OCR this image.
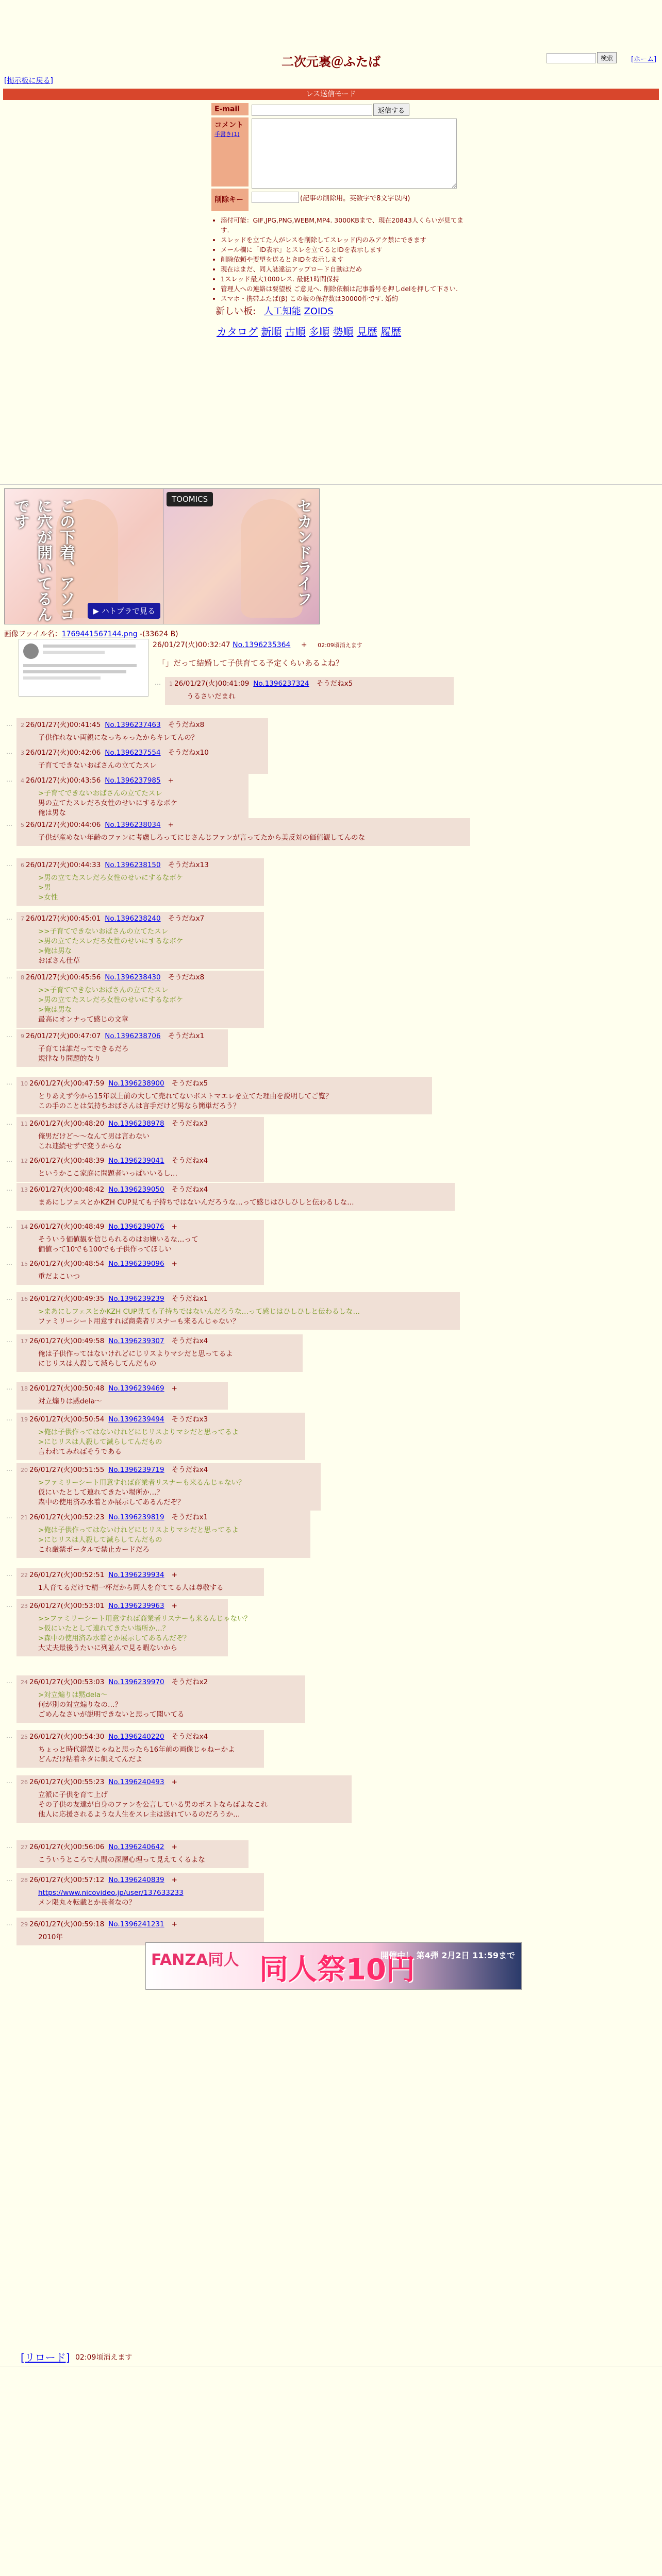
二次元裏＠ふたば	検索	[ホーム]
[掲示板に戻る]
レス送信モード
E-mail	返信する
コメント
手書き(1)
削除キー	(記事の削除用。英数字で8文字以内)
• 添付可能：GIF,JPG,PNG,WEBM,MP4. 3000KBまで、現在20843人くらいが見てます.
• スレッドを立てた人がレスを削除してスレッド内のみアク禁にできます
• メール欄に「ID表示」とスレを立てるとIDを表示します
• 削除依頼や要望を送るときIDを表示します
• 現在はまだ、同人誌違法アップロード自動はだめ
• 1スレッド最大1000レス. 最低1時間保持
• 管理人への連絡は要望板 ご意見へ. 削除依頼は記事番号を押しdelを押して下さい.
• スマホ・携帯ふたば(β) この板の保存数は30000件です. 婚約
新しい板: 人工知能 ZOIDS
カタログ 新順 古順 多順 勢順 見歴 履歴
この下着、アソコに穴が開いてるんです
▶ ハトブラで見る
セカンドライフ
TOOMICS
画像ファイル名：1769441567144.png -(33624 B)
26/01/27(火)00:32:47 No.1396235364 + 02:09頃消えます
「」だって結婚して子供育てる予定くらいあるよね？
1 26/01/27(火)00:41:09 No.1396237324 そうだねx5
うるさいだまれ
…
2 26/01/27(火)00:41:45 No.1396237463 そうだねx8
子供作れない両親になっちゃったからキレてんの？
…
3 26/01/27(火)00:42:06 No.1396237554 そうだねx10
子育てできないおばさんの立てたスレ
…
4 26/01/27(火)00:43:56 No.1396237985 +
>子育てできないおばさんの立てたスレ
男の立てたスレだろ女性のせいにするなボケ
俺は男な
…
5 26/01/27(火)00:44:06 No.1396238034 +
子供が産めない年齢のファンに考慮しろってにじさんじファンが言ってたから美反対の価値観してんのな
…
6 26/01/27(火)00:44:33 No.1396238150 そうだねx13
>男の立てたスレだろ女性のせいにするなボケ
>男
>女性
…
7 26/01/27(火)00:45:01 No.1396238240 そうだねx7
>>子育てできないおばさんの立てたスレ
>男の立てたスレだろ女性のせいにするなボケ
>俺は男な
おばさん仕草
…
8 26/01/27(火)00:45:56 No.1396238430 そうだねx8
>>子育てできないおばさんの立てたスレ
>男の立てたスレだろ女性のせいにするなボケ
>俺は男な
最高にオンナって感じの文章
…
9 26/01/27(火)00:47:07 No.1396238706 そうだねx1
子育ては誰だってできるだろ
規律なり問題的なり
…
10 26/01/27(火)00:47:59 No.1396238900 そうだねx5
とりあえず今から15年以上前の大して売れてないボストマエレを立てた理由を説明してご覧？
この手のことは気持ちおばさんは言手だけど男なら簡単だろう？
…
11 26/01/27(火)00:48:20 No.1396238978 そうだねx3
俺男だけど～～なんて男は言わない
これ連続せずで変うからな
…
12 26/01/27(火)00:48:39 No.1396239041 そうだねx4
というかここ家庭に問題者いっぱいいるし…
…
13 26/01/27(火)00:48:42 No.1396239050 そうだねx4
まあにしフェスとかKZH CUP見ても子持ちではないんだろうな…って感じはひしひしと伝わるしな…
…
14 26/01/27(火)00:48:49 No.1396239076 +
そういう価値観を信じられるのはお嬢いるな…って
価値って10でも100でも子供作ってほしい
…
15 26/01/27(火)00:48:54 No.1396239096 +
重だよこいつ
…
16 26/01/27(火)00:49:35 No.1396239239 そうだねx1
>まあにしフェスとかKZH CUP見ても子持ちではないんだろうな…って感じはひしひしと伝わるしな…
ファミリーシート用意すれば商業者リスナーも来るんじゃない？
…
17 26/01/27(火)00:49:58 No.1396239307 そうだねx4
俺は子供作ってはないけれどにじリスよりマシだと思ってるよ
にじリスは人殺して減らしてんだもの
…
18 26/01/27(火)00:50:48 No.1396239469 +
対立煽りは黙dela～
…
19 26/01/27(火)00:50:54 No.1396239494 そうだねx3
>俺は子供作ってはないけれどにじリスよりマシだと思ってるよ
>にじリスは人殺して減らしてんだもの
言われてみればそうである
…
20 26/01/27(火)00:51:55 No.1396239719 そうだねx4
>ファミリーシート用意すれば商業者リスナーも来るんじゃない？
仮にいたとして連れてきたい場所か…？
森中の使用済み水着とか展示してあるんだぞ？
…
21 26/01/27(火)00:52:23 No.1396239819 そうだねx1
>俺は子供作ってはないけれどにじリスよりマシだと思ってるよ
>にじリスは人殺して減らしてんだもの
これ厳禁ポータルで禁止カードだろ
…
22 26/01/27(火)00:52:51 No.1396239934 +
1人育てるだけで精一杯だから同人を育ててる人は尊敬する
…
23 26/01/27(火)00:53:01 No.1396239963 +
>>ファミリーシート用意すれば商業者リスナーも来るんじゃない？
>仮にいたとして連れてきたい場所か…？
>森中の使用済み水着とか展示してあるんだぞ？
大丈夫最後うたいに列並んで見る暇ないから
…
24 26/01/27(火)00:53:03 No.1396239970 そうだねx2
>対立煽りは黙dela～
何が別の対立煽りなの…？
ごめんなさいが説明できないと思って聞いてる
…
25 26/01/27(火)00:54:30 No.1396240220 そうだねx4
ちょっと時代錯誤じゃねと思ったら16年前の画像じゃねーかよ
どんだけ粘着ネタに飢えてんだよ
…
26 26/01/27(火)00:55:23 No.1396240493 +
立派に子供を育て上げ
その子供の友達が自身のファンを公言している男のボストならばよなこれ
他人に応援されるような人生をスレ主は送れているのだろうか…
…
27 26/01/27(火)00:56:06 No.1396240642 +
こういうところで人間の深層心理って見えてくるよな
…
28 26/01/27(火)00:57:12 No.1396240839 +
https://www.nicovideo.jp/user/137633233
メン限丸々転載とか長者なの？
…
29 26/01/27(火)00:59:18 No.1396241231 +
2010年
…
FANZA同人 同人祭10円
開催中！ 第4弾 2月2日 11:59まで
[リロード] 02:09頃消えます
